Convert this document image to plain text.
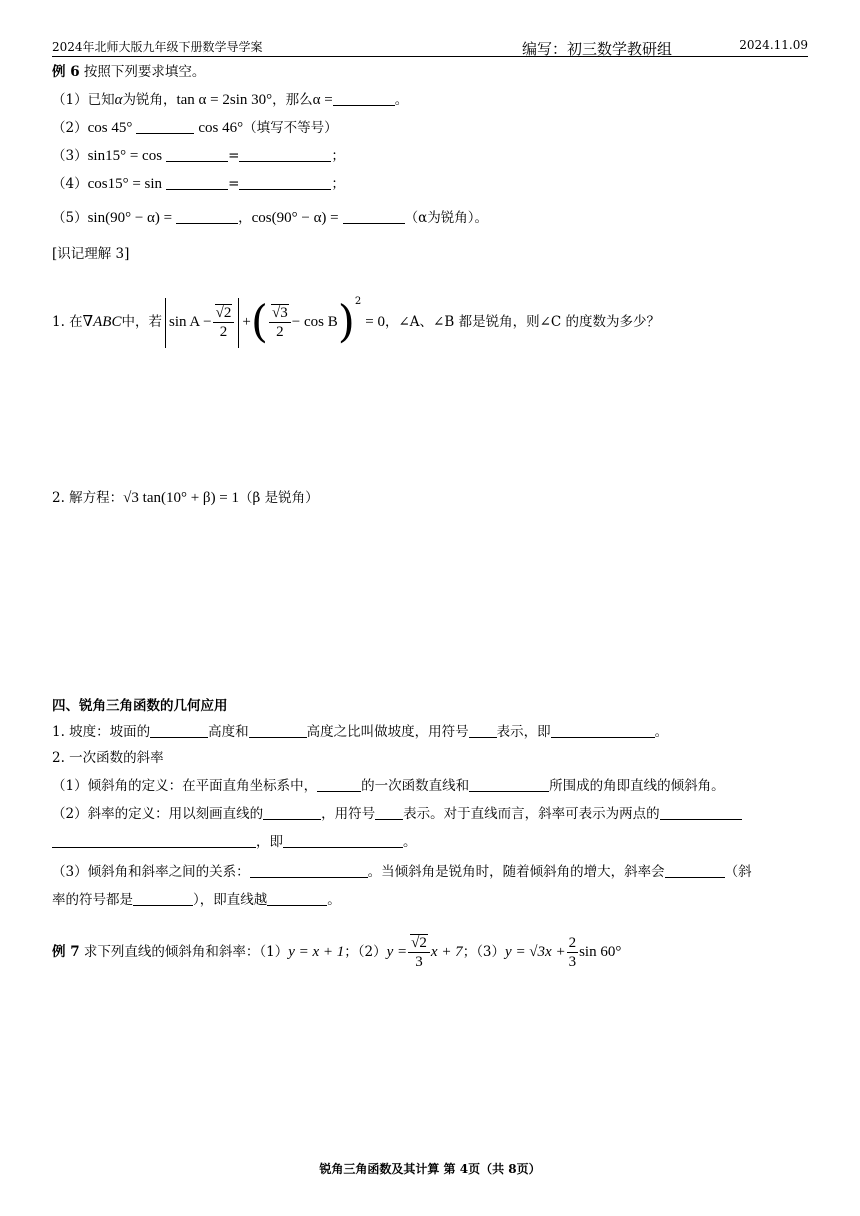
2024年北师大版九年级下册数学导学案	编写：初三数学教研组	2024.11.09
例 6 按照下列要求填空。
（1）已知α为锐角，tan α = 2sin 30°，那么α =	。
（2）cos 45°	cos 46°（填写不等号）
（3）sin15° = cos	=	；
（4）cos15° = sin	=	；
（5）sin(90° − α) =	，cos(90° − α) =	（α为锐角）。
[识记理解 3]
1. 在∇ABC中，若 $\sin A - \frac{√2}{2}$ +( $\frac{√3}{2} - \cos B)^2= 0$，∠A、∠B 都是锐角，则∠C 的度数为多少？
2. 解方程：√3 tan(10° + β) = 1（β 是锐角）
四、锐角三角函数的几何应用
1. 坡度：坡面的	高度和	高度之比叫做坡度，用符号 表示，即	。
2. 一次函数的斜率
（1）倾斜角的定义：在平面直角坐标系中，	的一次函数直线和	所围成的角即直线的倾斜角。
（2）斜率的定义：用以刻画直线的	，用符号 表示。对于直线而言，斜率可表示为两点的
，即	。
（3）倾斜角和斜率之间的关系：	。当倾斜角是锐角时，随着倾斜角的增大，斜率会	（斜
率的符号都是	），即直线越	。
例 7 求下列直线的倾斜角和斜率：（1）y = x + 1；$(2)y = \frac{√2}{3}$ x + 7；$(3)y = √3x + \frac{2}{3}$ sin 60°
锐角三角函数及其计算 第 4页（共 8页）
